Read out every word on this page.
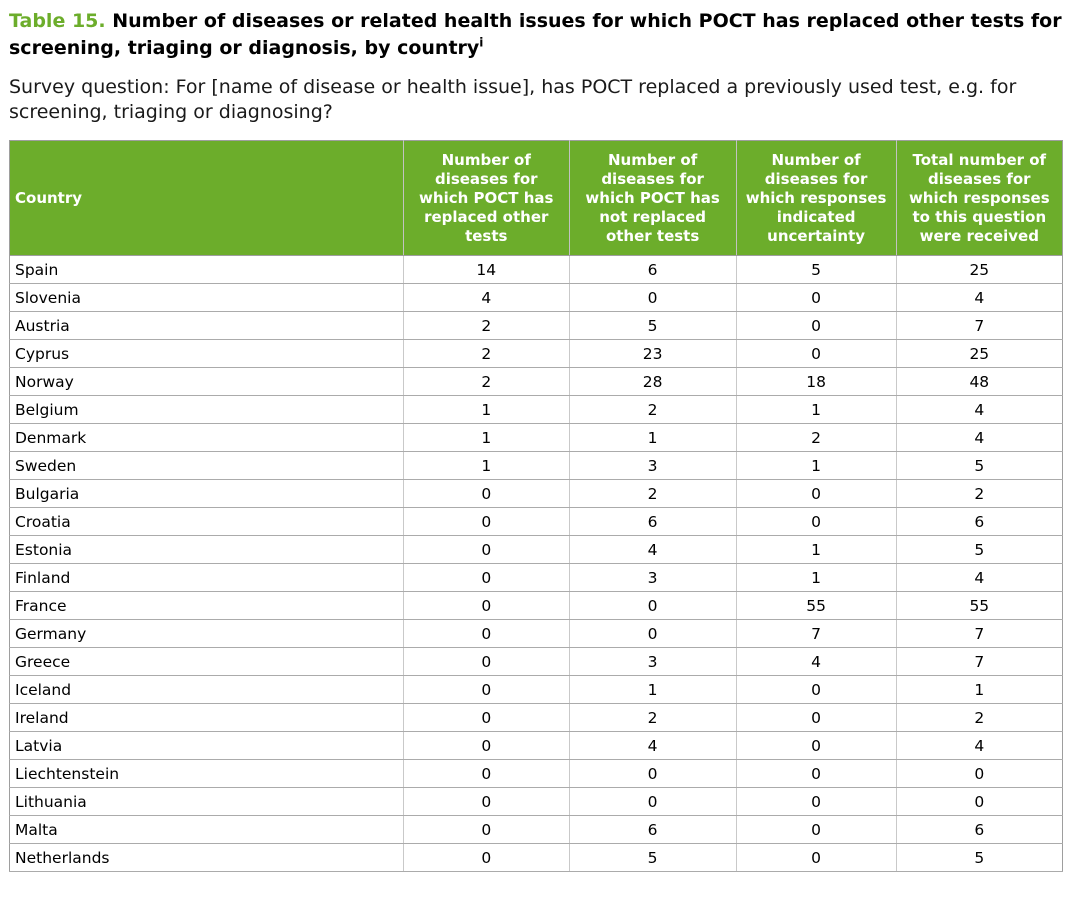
Table 15. Number of diseases or related health issues for which POCT has replaced other tests for screening, triaging or diagnosis, by country$^i$
Survey question: For [name of disease or health issue], has POCT replaced a previously used test, e.g. for screening, triaging or diagnosing?
Country	Number of diseases for which POCT has replaced other tests	Number of diseases for which POCT has not replaced other tests	Number of diseases for which responses indicated uncertainty	Total number of diseases for which responses to this question were received
Spain	14	6	5	25
Slovenia	4	0	0	4
Austria	2	5	0	7
Cyprus	2	23	0	25
Norway	2	28	18	48
Belgium	1	2	1	4
Denmark	1	1	2	4
Sweden	1	3	1	5
Bulgaria	0	2	0	2
Croatia	0	6	0	6
Estonia	0	4	1	5
Finland	0	3	1	4
France	0	0	55	55
Germany	0	0	7	7
Greece	0	3	4	7
Iceland	0	1	0	1
Ireland	0	2	0	2
Latvia	0	4	0	4
Liechtenstein	0	0	0	0
Lithuania	0	0	0	0
Malta	0	6	0	6
Netherlands	0	5	0	5
